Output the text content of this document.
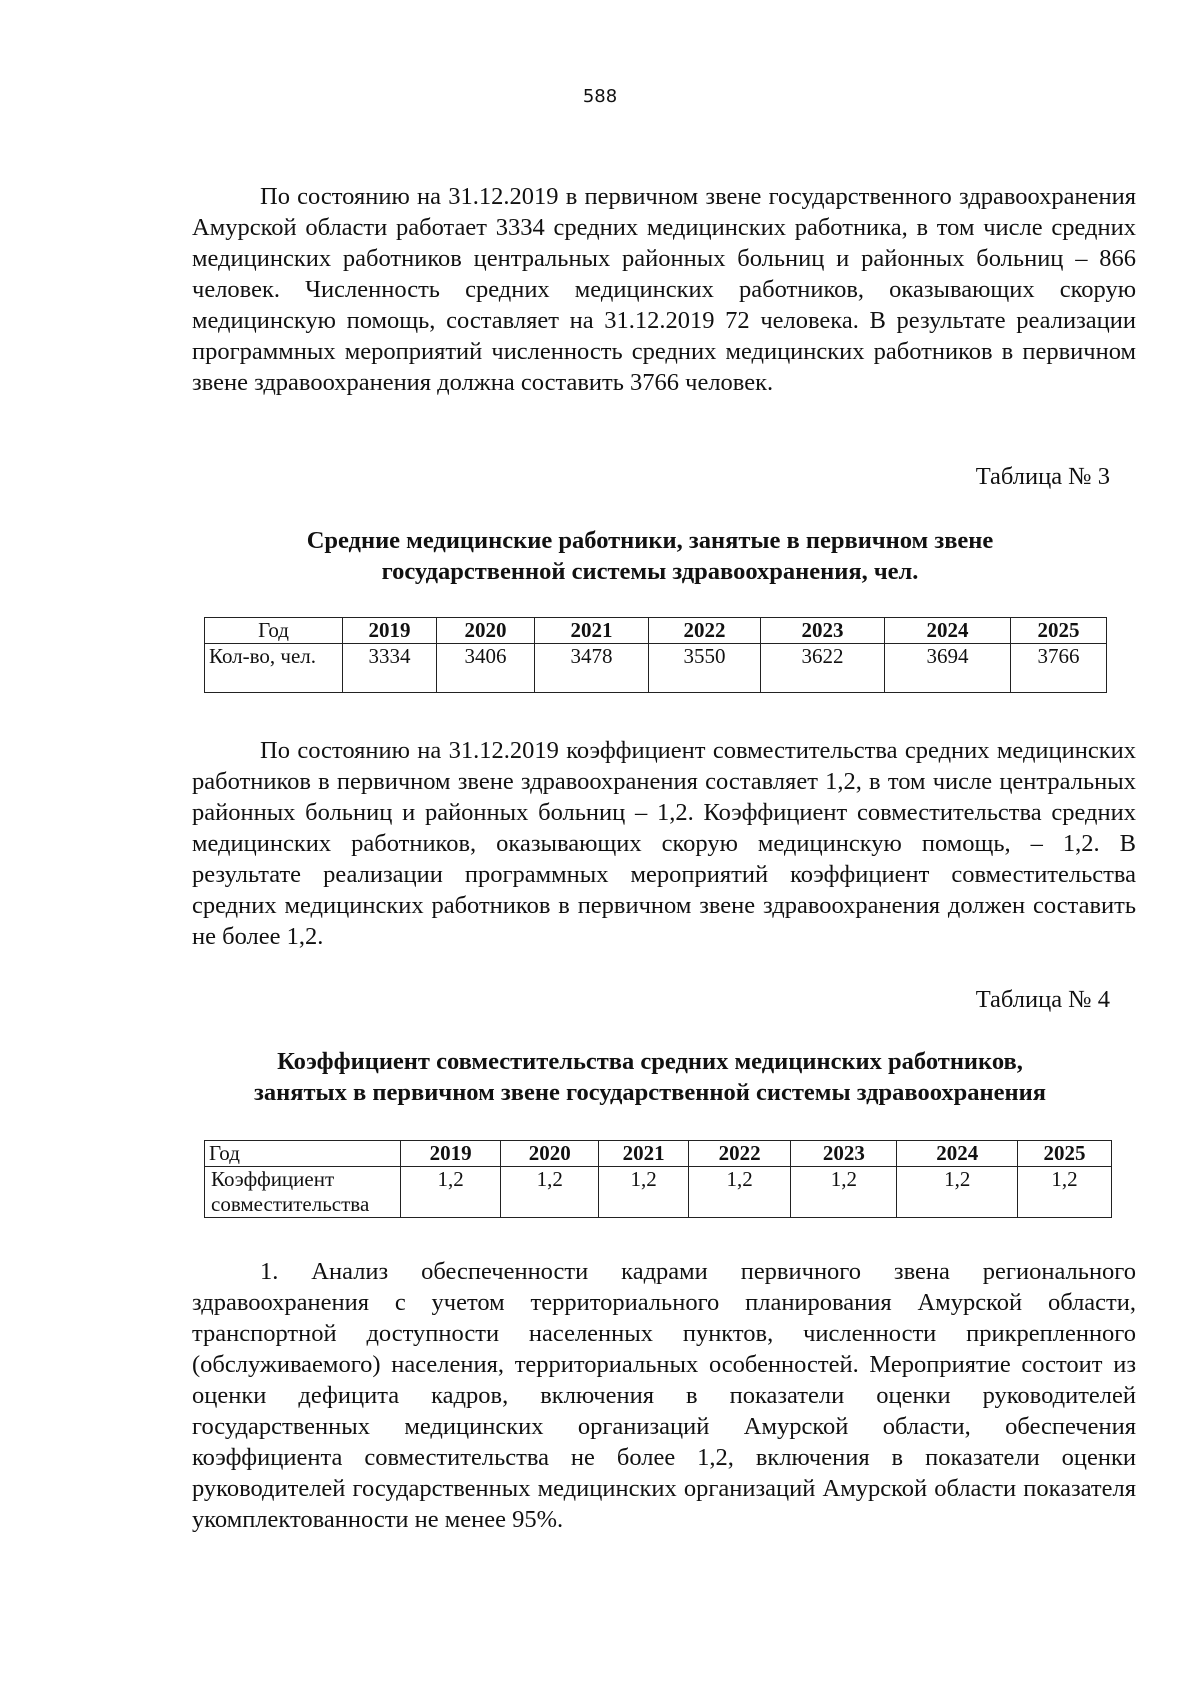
588

По состоянию на 31.12.2019 в первичном звене государственного здравоохранения Амурской области работает 3334 средних медицинских работника, в том числе средних медицинских работников центральных районных больниц и районных больниц – 866 человек. Численность средних медицинских работников, оказывающих скорую медицинскую помощь, составляет на 31.12.2019 72 человека. В результате реализации программных мероприятий численность средних медицинских работников в первичном звене здравоохранения должна составить 3766 человек.

Таблица № 3
Средние медицинские работники, занятые в первичном звене
государственной системы здравоохранения, чел.
Год	2019	2020	2021	2022	2023	2024	2025
Кол-во, чел.	3334	3406	3478	3550	3622	3694	3766

По состоянию на 31.12.2019 коэффициент совместительства средних медицинских работников в первичном звене здравоохранения составляет 1,2, в том числе центральных районных больниц и районных больниц – 1,2. Коэффициент совместительства средних медицинских работников, оказывающих скорую медицинскую помощь, – 1,2. В результате реализации программных мероприятий коэффициент совместительства средних медицинских работников в первичном звене здравоохранения должен составить не более 1,2.

Таблица № 4
Коэффициент совместительства средних медицинских работников,
занятых в первичном звене государственной системы здравоохранения
Год	2019	2020	2021	2022	2023	2024	2025
Коэффициент совместительства	1,2	1,2	1,2	1,2	1,2	1,2	1,2

1. Анализ обеспеченности кадрами первичного звена регионального здравоохранения с учетом территориального планирования Амурской области, транспортной доступности населенных пунктов, численности прикрепленного (обслуживаемого) населения, территориальных особенностей. Мероприятие состоит из оценки дефицита кадров, включения в показатели оценки руководителей государственных медицинских организаций Амурской области, обеспечения коэффициента совместительства не более 1,2, включения в показатели оценки руководителей государственных медицинских организаций Амурской области показателя укомплектованности не менее 95%.
